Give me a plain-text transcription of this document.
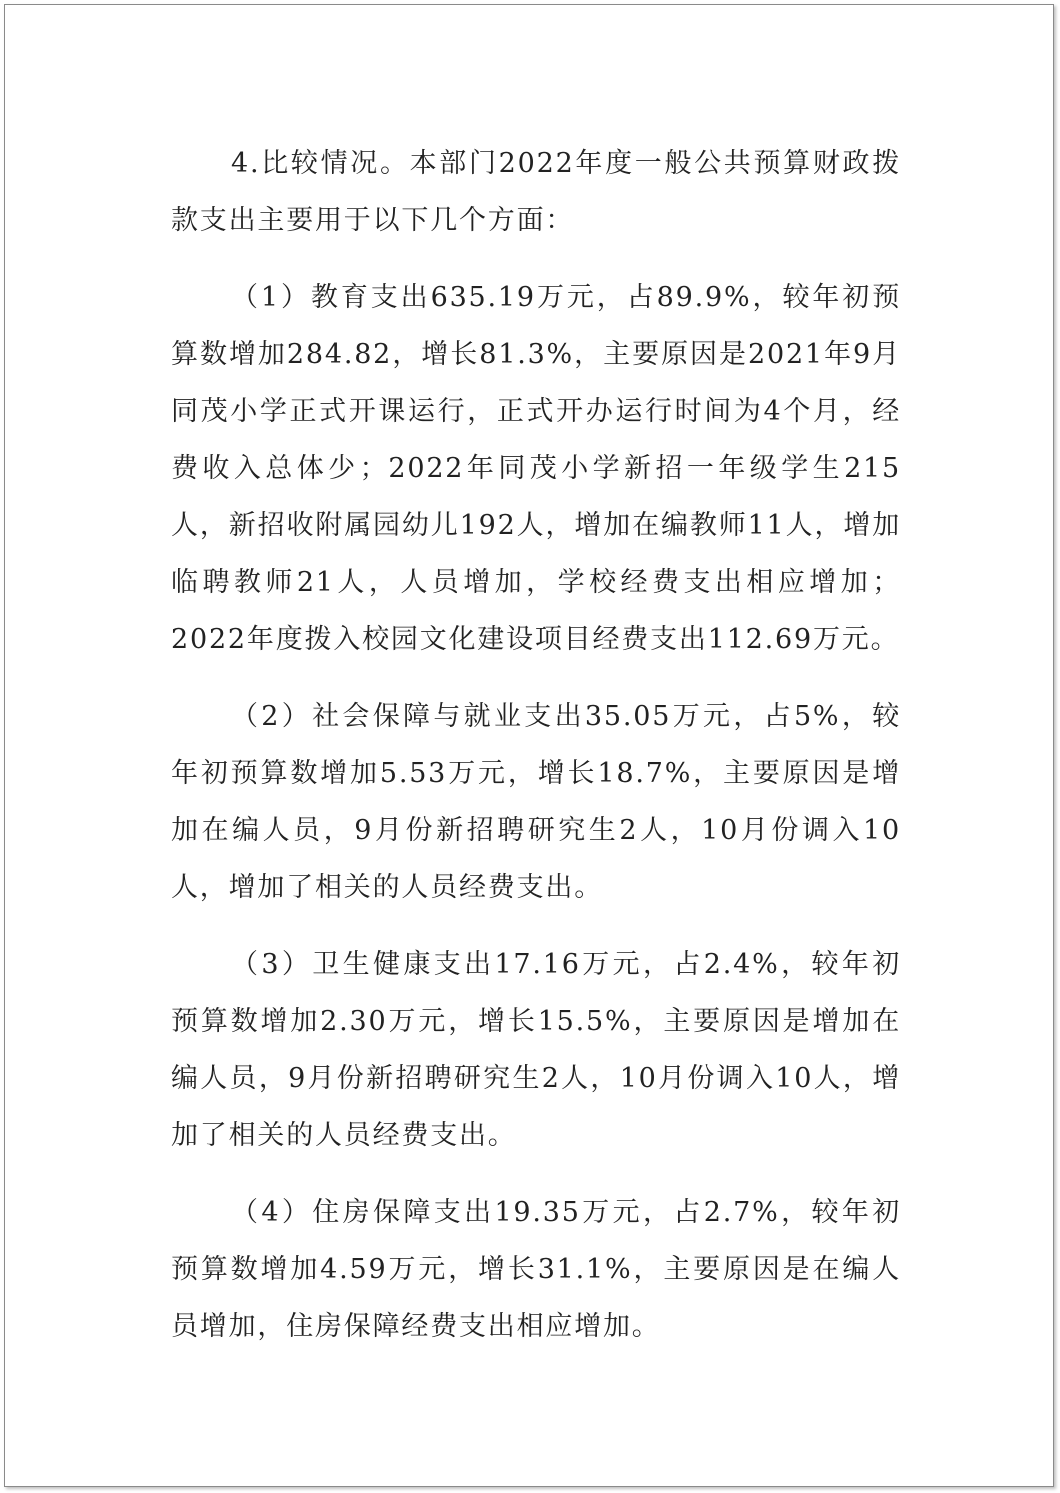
4.比较情况。本部门2022年度一般公共预算财政拨款支出主要用于以下几个方面：

（1）教育支出635.19万元，占89.9%，较年初预算数增加284.82，增长81.3%，主要原因是2021年9月同茂小学正式开课运行，正式开办运行时间为4个月，经费收入总体少；2022年同茂小学新招一年级学生215人，新招收附属园幼儿192人，增加在编教师11人，增加临聘教师21人，人员增加，学校经费支出相应增加；2022年度拨入校园文化建设项目经费支出112.69万元。

（2）社会保障与就业支出35.05万元，占5%，较年初预算数增加5.53万元，增长18.7%，主要原因是增加在编人员，9月份新招聘研究生2人，10月份调入10人，增加了相关的人员经费支出。

（3）卫生健康支出17.16万元，占2.4%，较年初预算数增加2.30万元，增长15.5%，主要原因是增加在编人员，9月份新招聘研究生2人，10月份调入10人，增加了相关的人员经费支出。

（4）住房保障支出19.35万元，占2.7%，较年初预算数增加4.59万元，增长31.1%，主要原因是在编人员增加，住房保障经费支出相应增加。
